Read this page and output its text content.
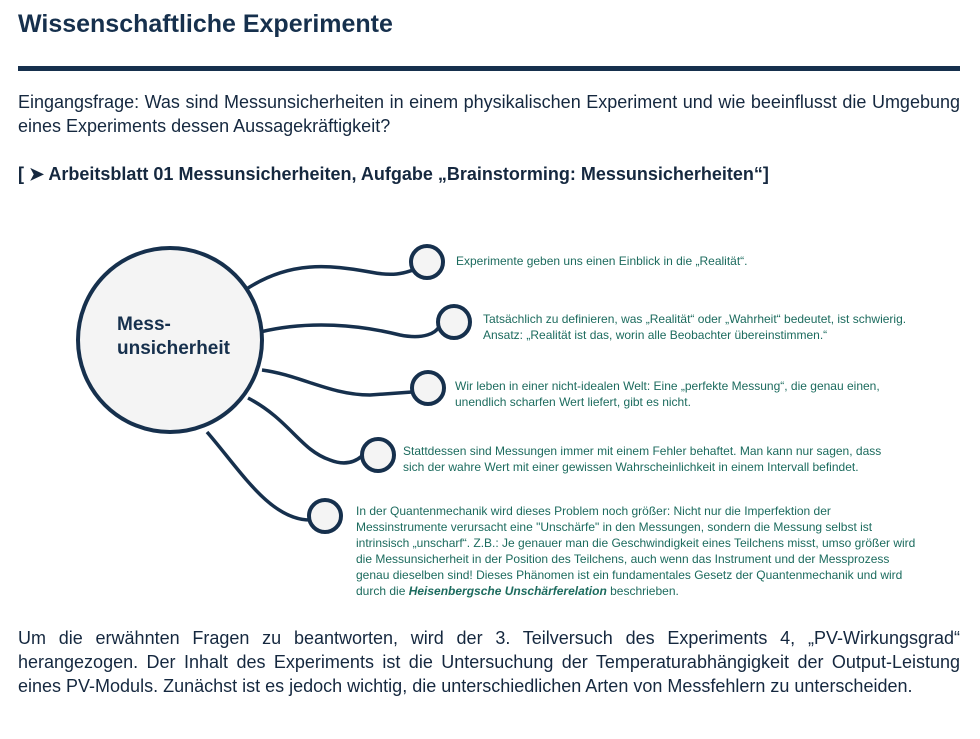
Wissenschaftliche Experimente
Eingangsfrage: Was sind Messunsicherheiten in einem physikalischen Experiment und wie beeinflusst die Umgebung eines Experiments dessen Aussagekräftigkeit?
[ ➤ Arbeitsblatt 01 Messunsicherheiten, Aufgabe „Brainstorming: Messunsicherheiten“]
Mess-
unsicherheit
Experimente geben uns einen Einblick in die „Realität“.
Tatsächlich zu definieren, was „Realität“ oder „Wahrheit“ bedeutet, ist schwierig. Ansatz: „Realität ist das, worin alle Beobachter übereinstimmen.“
Wir leben in einer nicht-idealen Welt: Eine „perfekte Messung“, die genau einen, unendlich scharfen Wert liefert, gibt es nicht.
Stattdessen sind Messungen immer mit einem Fehler behaftet. Man kann nur sagen, dass sich der wahre Wert mit einer gewissen Wahrscheinlichkeit in einem Intervall befindet.
In der Quantenmechanik wird dieses Problem noch größer: Nicht nur die Imperfektion der Messinstrumente verursacht eine "Unschärfe" in den Messungen, sondern die Messung selbst ist intrinsisch „unscharf“. Z.B.: Je genauer man die Geschwindigkeit eines Teilchens misst, umso größer wird die Messunsicherheit in der Position des Teilchens, auch wenn das Instrument und der Messprozess genau dieselben sind! Dieses Phänomen ist ein fundamentales Gesetz der Quantenmechanik und wird durch die Heisenbergsche Unschärferelation beschrieben.
Um die erwähnten Fragen zu beantworten, wird der 3. Teilversuch des Experiments 4, „PV-Wirkungsgrad“ herangezogen. Der Inhalt des Experiments ist die Untersuchung der Temperaturabhängigkeit der Output-Leistung eines PV-Moduls. Zunächst ist es jedoch wichtig, die unterschiedlichen Arten von Messfehlern zu unterscheiden.
